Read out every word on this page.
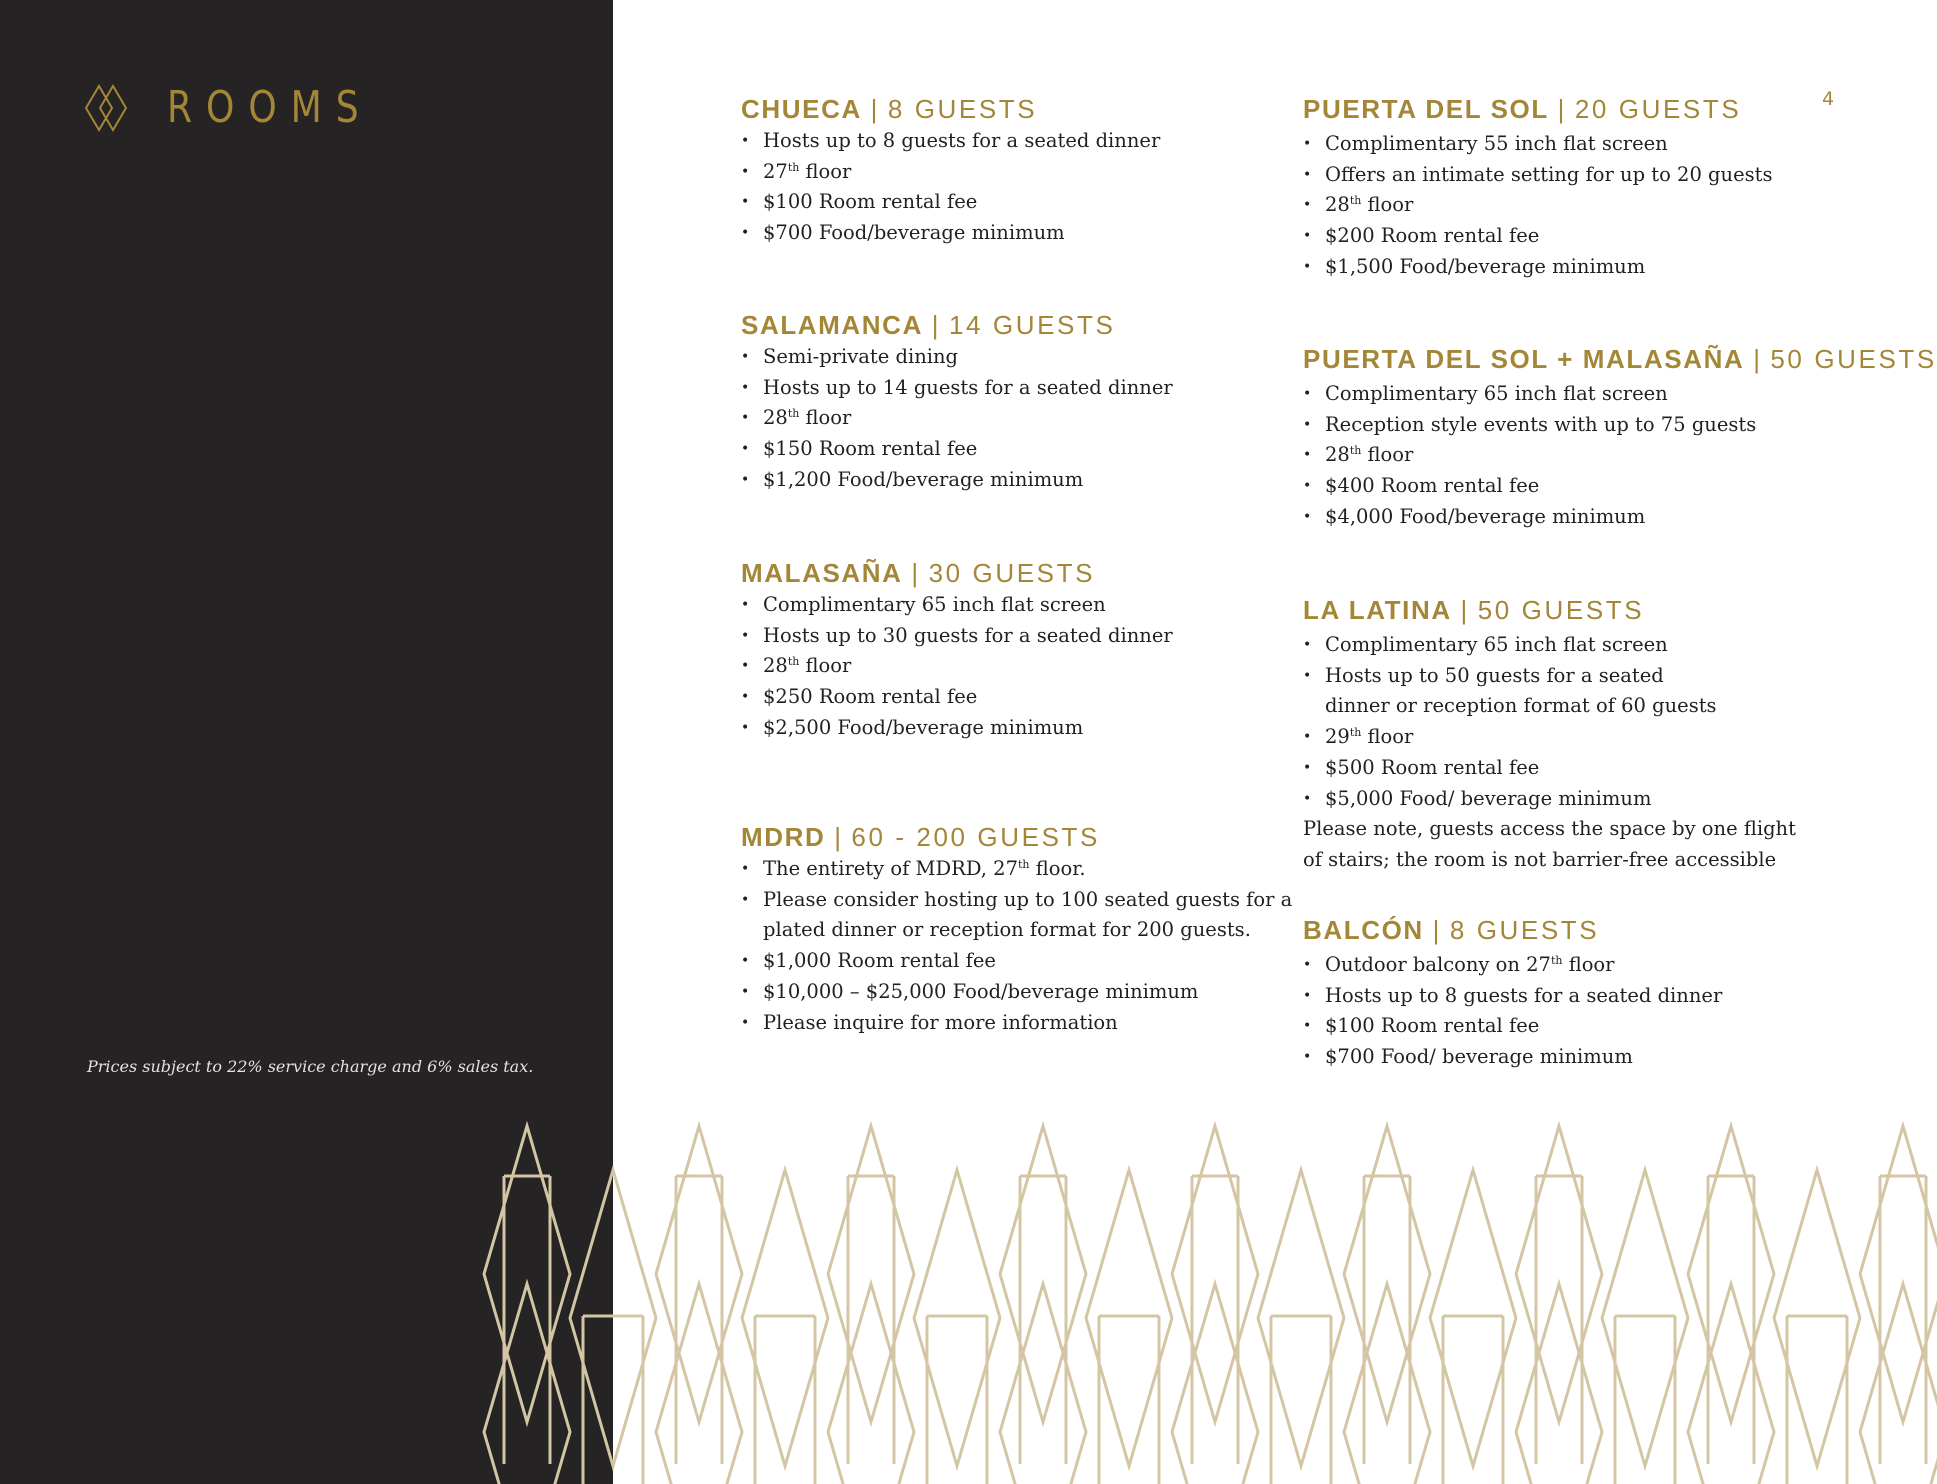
ROOMS
Prices subject to 22% service charge and 6% sales tax.
4
CHUECA | 8 GUESTS
• Hosts up to 8 guests for a seated dinner
• 27th floor
• $100 Room rental fee
• $700 Food/beverage minimum
SALAMANCA | 14 GUESTS
• Semi-private dining
• Hosts up to 14 guests for a seated dinner
• 28th floor
• $150 Room rental fee
• $1,200 Food/beverage minimum
MALASAÑA | 30 GUESTS
• Complimentary 65 inch flat screen
• Hosts up to 30 guests for a seated dinner
• 28th floor
• $250 Room rental fee
• $2,500 Food/beverage minimum
MDRD | 60 - 200 GUESTS
• The entirety of MDRD, 27th floor.
• Please consider hosting up to 100 seated guests for a
plated dinner or reception format for 200 guests.
• $1,000 Room rental fee
• $10,000 – $25,000 Food/beverage minimum
• Please inquire for more information
PUERTA DEL SOL | 20 GUESTS
• Complimentary 55 inch flat screen
• Offers an intimate setting for up to 20 guests
• 28th floor
• $200 Room rental fee
• $1,500 Food/beverage minimum
PUERTA DEL SOL + MALASAÑA | 50 GUESTS
• Complimentary 65 inch flat screen
• Reception style events with up to 75 guests
• 28th floor
• $400 Room rental fee
• $4,000 Food/beverage minimum
LA LATINA | 50 GUESTS
• Complimentary 65 inch flat screen
• Hosts up to 50 guests for a seated
dinner or reception format of 60 guests
• 29th floor
• $500 Room rental fee
• $5,000 Food/ beverage minimum
Please note, guests access the space by one flight
of stairs; the room is not barrier-free accessible
BALCÓN | 8 GUESTS
• Outdoor balcony on 27th floor
• Hosts up to 8 guests for a seated dinner
• $100 Room rental fee
• $700 Food/ beverage minimum
